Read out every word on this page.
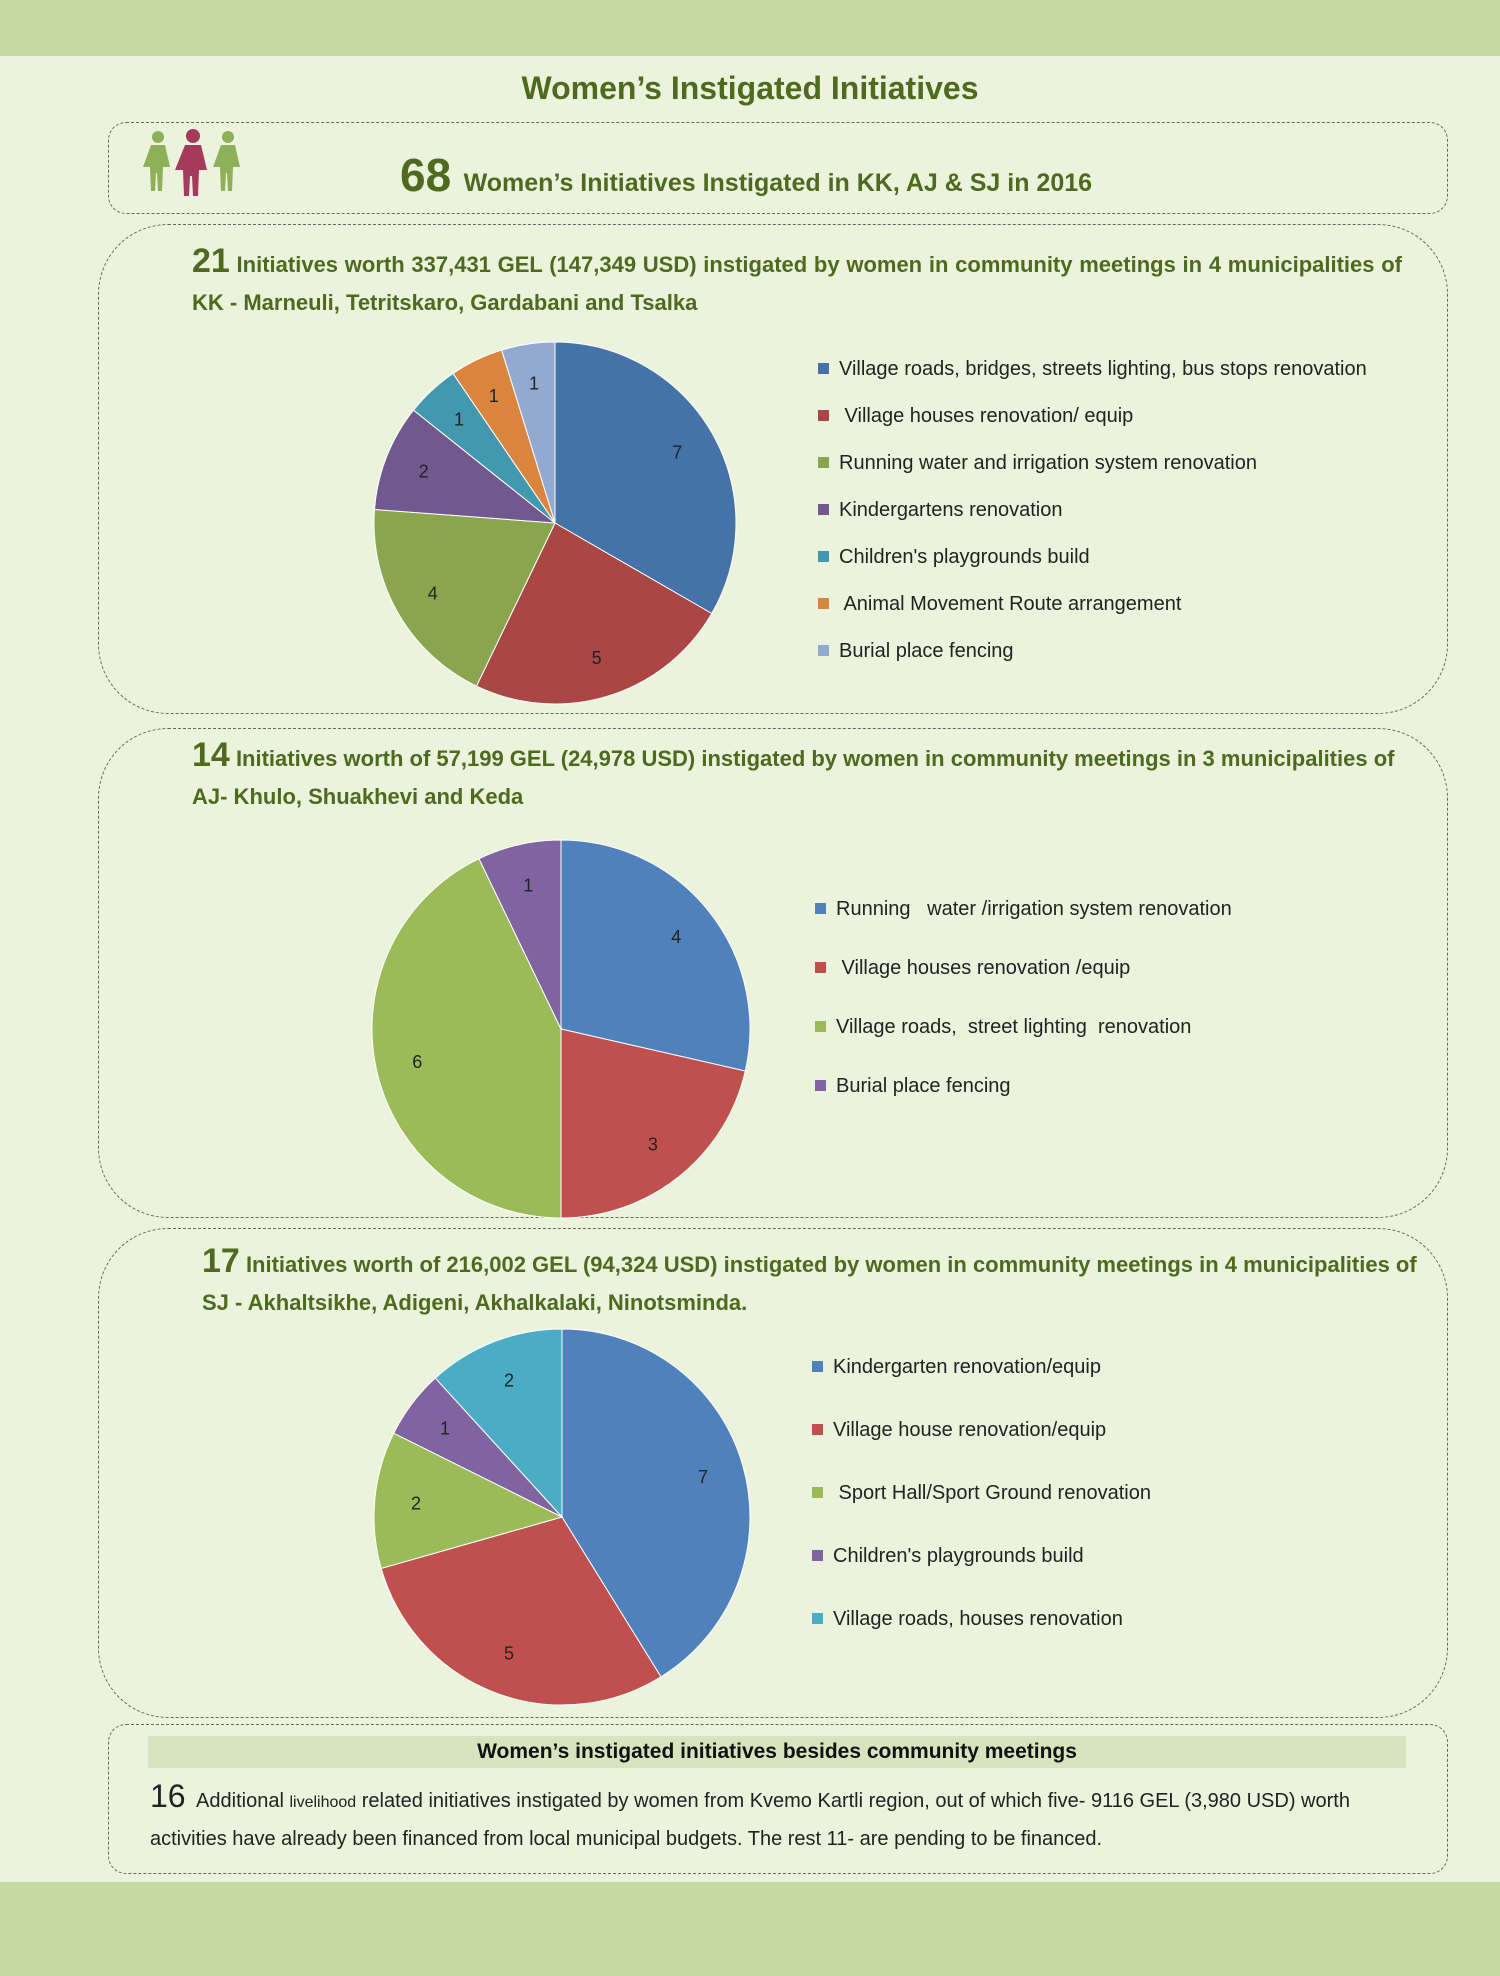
Women’s Instigated Initiatives
68 Women’s Initiatives Instigated in KK, AJ & SJ in 2016
21 Initiatives worth 337,431 GEL (147,349 USD) instigated by women in community meetings in 4 municipalities of KK - Marneuli, Tetritskaro, Gardabani and Tsalka
7
5
4
2
1
1
1
Village roads, bridges, streets lighting, bus stops renovation
Village houses renovation/ equip
Running water and irrigation system renovation
Kindergartens renovation
Children's playgrounds build
Animal Movement Route arrangement
Burial place fencing
14 Initiatives worth of 57,199 GEL (24,978 USD) instigated by women in community meetings in 3 municipalities of AJ- Khulo, Shuakhevi and Keda
4
3
6
1
Running   water /irrigation system renovation
Village houses renovation /equip
Village roads,  street lighting  renovation
Burial place fencing
17 Initiatives worth of 216,002 GEL (94,324 USD) instigated by women in community meetings in 4 municipalities of SJ - Akhaltsikhe, Adigeni, Akhalkalaki, Ninotsminda.
7
5
2
1
2
Kindergarten renovation/equip
Village house renovation/equip
Sport Hall/Sport Ground renovation
Children's playgrounds build
Village roads, houses renovation
Women’s instigated initiatives besides community meetings
16 Additional livelihood related initiatives instigated by women from Kvemo Kartli region, out of which five- 9116 GEL (3,980 USD) worth activities have already been financed from local municipal budgets. The rest 11- are pending to be financed.
